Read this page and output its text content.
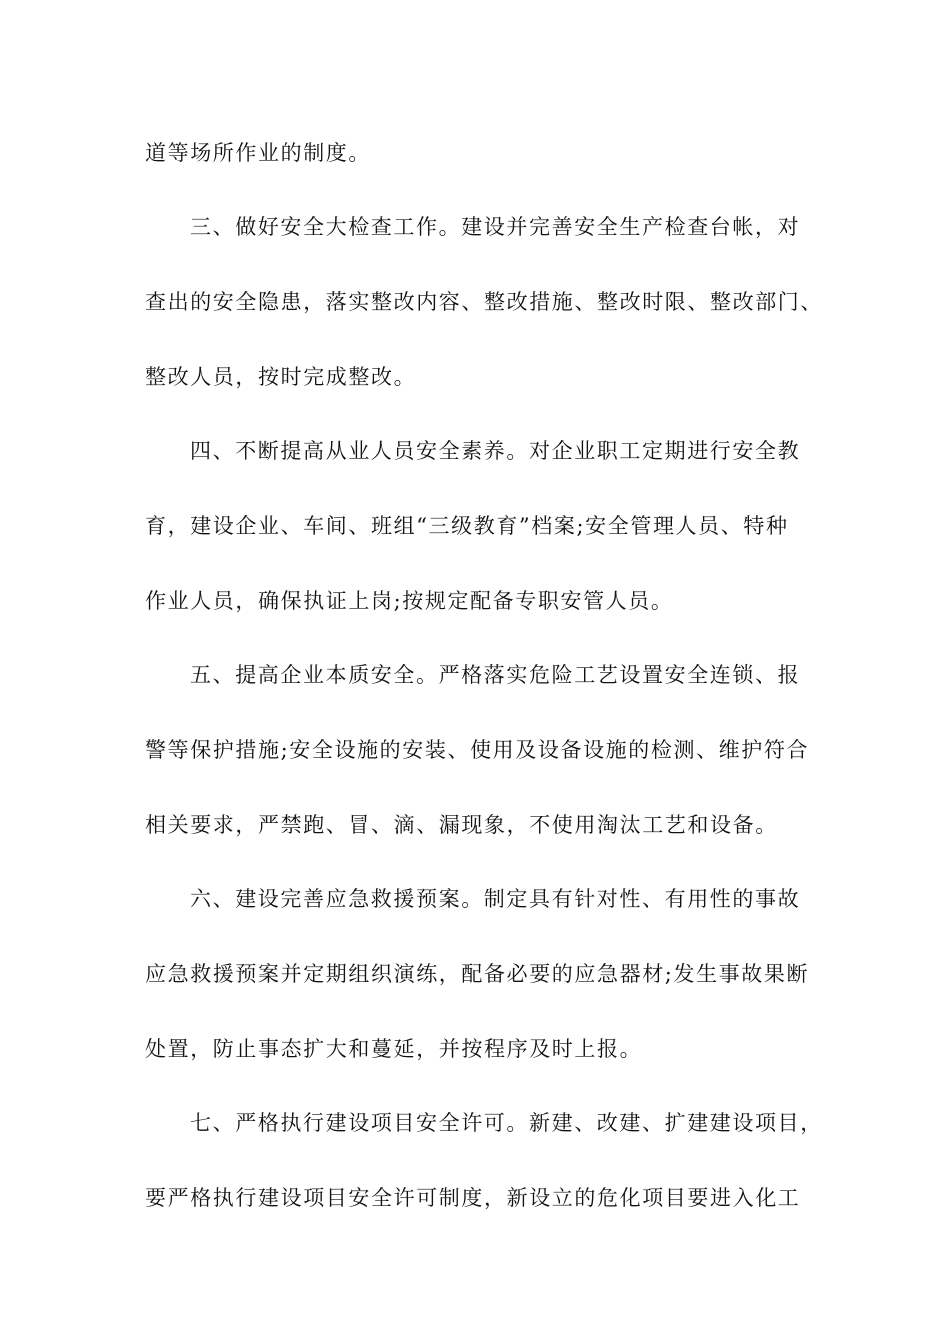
道等场所作业的制度。
三、做好安全大检查工作。建设并完善安全生产检查台帐，对
查出的安全隐患，落实整改内容、整改措施、整改时限、整改部门、
整改人员，按时完成整改。
四、不断提高从业人员安全素养。对企业职工定期进行安全教
育，建设企业、车间、班组“三级教育”档案;安全管理人员、特种
作业人员，确保执证上岗;按规定配备专职安管人员。
五、提高企业本质安全。严格落实危险工艺设置安全连锁、报
警等保护措施;安全设施的安装、使用及设备设施的检测、维护符合
相关要求，严禁跑、冒、滴、漏现象，不使用淘汰工艺和设备。
六、建设完善应急救援预案。制定具有针对性、有用性的事故
应急救援预案并定期组织演练，配备必要的应急器材;发生事故果断
处置，防止事态扩大和蔓延，并按程序及时上报。
七、严格执行建设项目安全许可。新建、改建、扩建建设项目，
要严格执行建设项目安全许可制度，新设立的危化项目要进入化工
